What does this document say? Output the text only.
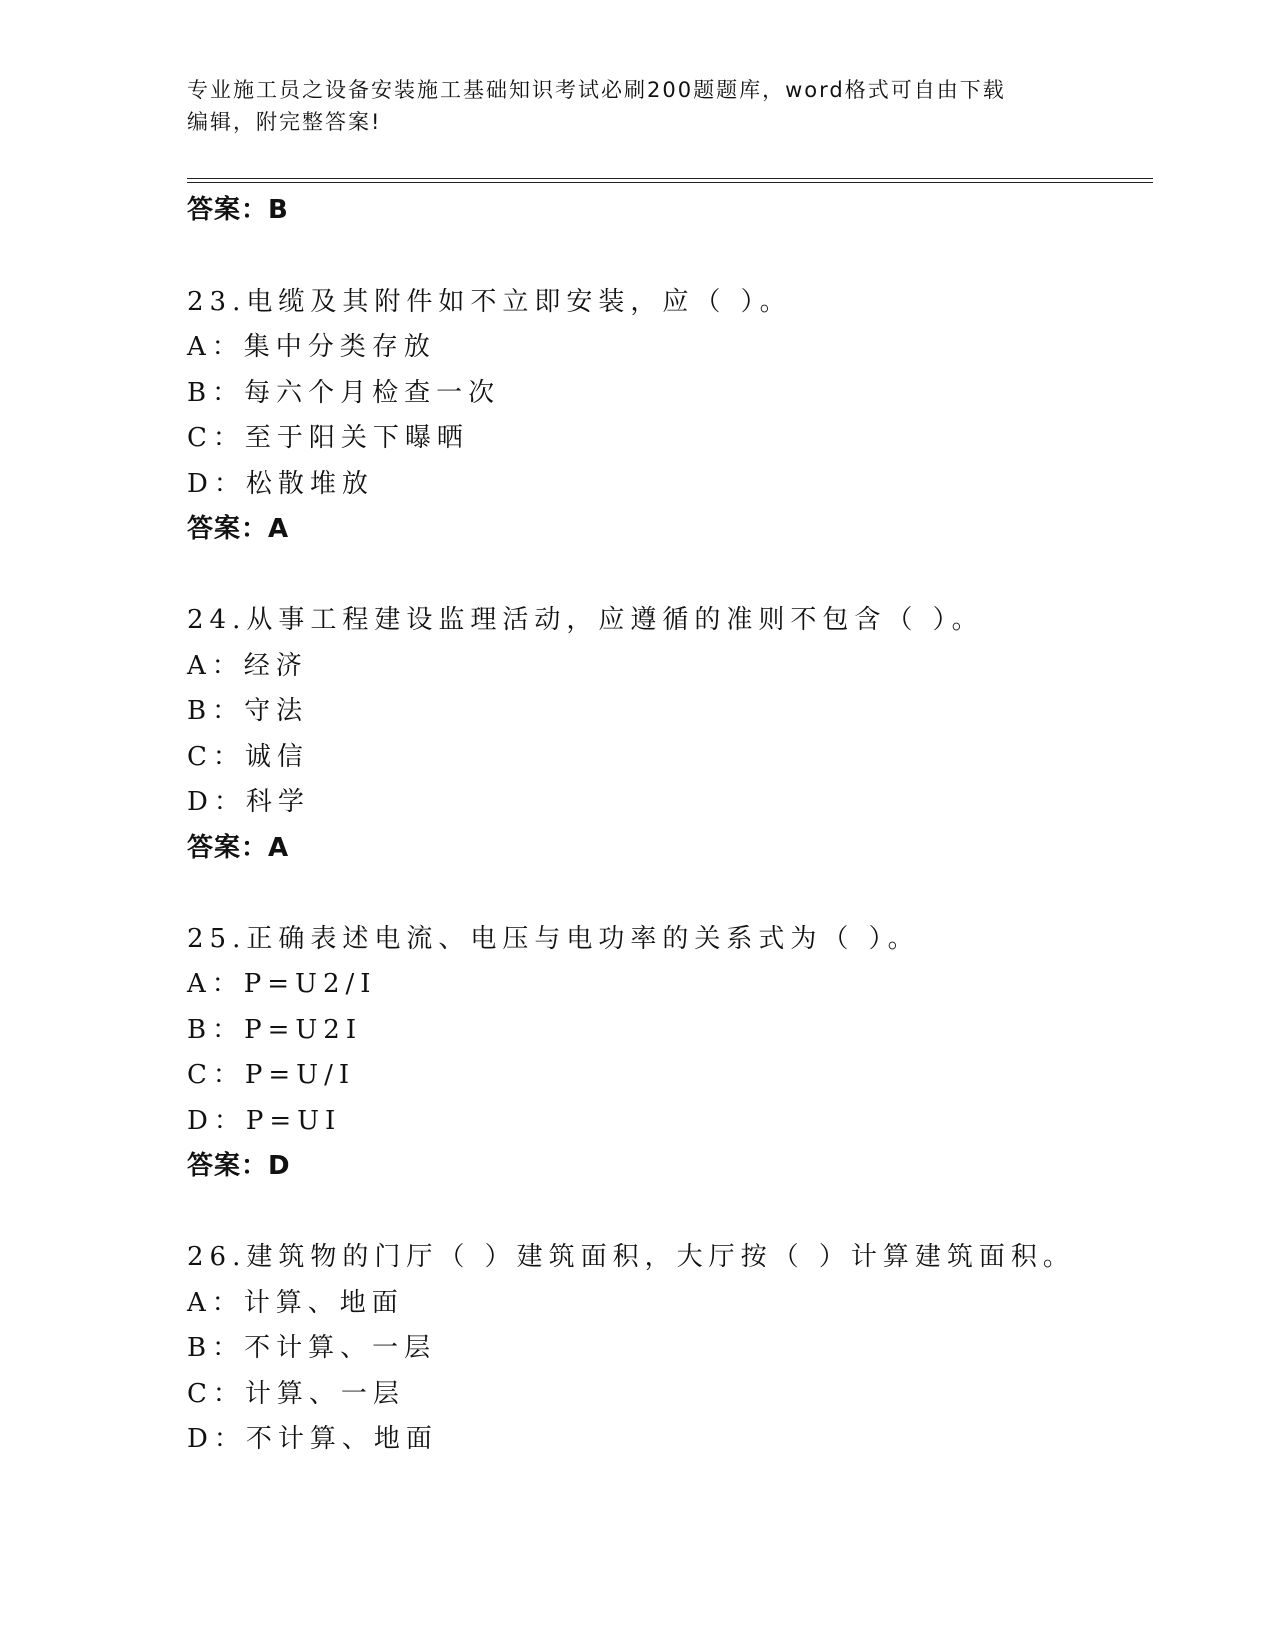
专业施工员之设备安装施工基础知识考试必刷200题题库，word格式可自由下载
编辑，附完整答案!
答案：B
23.电缆及其附件如不立即安装，应（ ）。
A：集中分类存放
B：每六个月检查一次
C：至于阳关下曝晒
D：松散堆放
答案：A
24.从事工程建设监理活动，应遵循的准则不包含（ ）。
A：经济
B：守法
C：诚信
D：科学
答案：A
25.正确表述电流、电压与电功率的关系式为（ ）。
A：P=U2/I
B：P=U2I
C：P=U/I
D：P=UI
答案：D
26.建筑物的门厅（ ）建筑面积，大厅按（ ）计算建筑面积。
A：计算、地面
B：不计算、一层
C：计算、一层
D：不计算、地面
